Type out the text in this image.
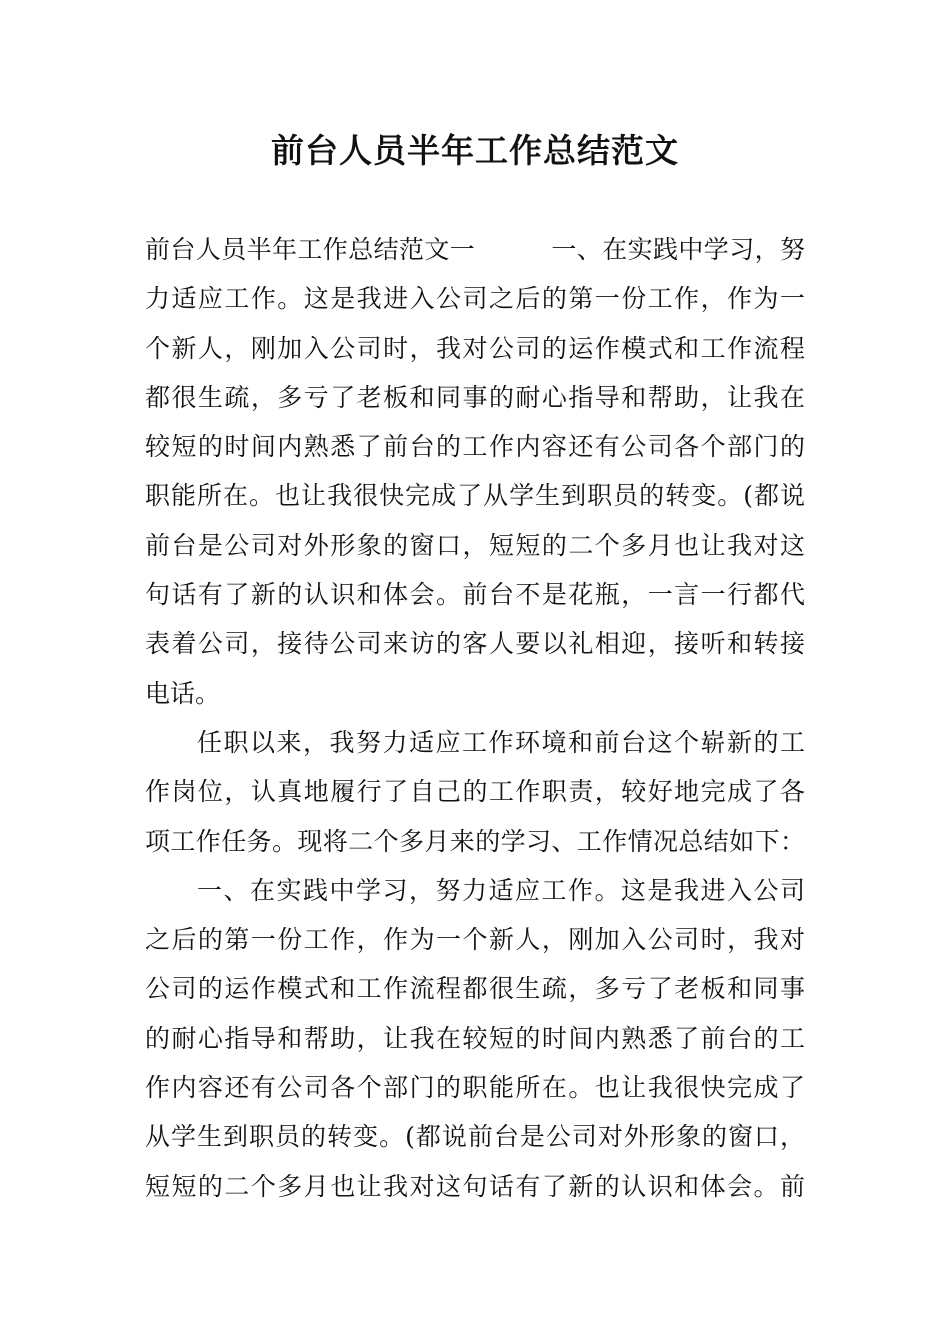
前台人员半年工作总结范文
前台人员半年工作总结范文一　　　一、在实践中学习，努
力适应工作。这是我进入公司之后的第一份工作，作为一
个新人，刚加入公司时，我对公司的运作模式和工作流程
都很生疏，多亏了老板和同事的耐心指导和帮助，让我在
较短的时间内熟悉了前台的工作内容还有公司各个部门的
职能所在。也让我很快完成了从学生到职员的转变。(都说
前台是公司对外形象的窗口，短短的二个多月也让我对这
句话有了新的认识和体会。前台不是花瓶，一言一行都代
表着公司，接待公司来访的客人要以礼相迎，接听和转接
电话。
任职以来，我努力适应工作环境和前台这个崭新的工
作岗位，认真地履行了自己的工作职责，较好地完成了各
项工作任务。现将二个多月来的学习、工作情况总结如下：
一、在实践中学习，努力适应工作。这是我进入公司
之后的第一份工作，作为一个新人，刚加入公司时，我对
公司的运作模式和工作流程都很生疏，多亏了老板和同事
的耐心指导和帮助，让我在较短的时间内熟悉了前台的工
作内容还有公司各个部门的职能所在。也让我很快完成了
从学生到职员的转变。(都说前台是公司对外形象的窗口，
短短的二个多月也让我对这句话有了新的认识和体会。前
